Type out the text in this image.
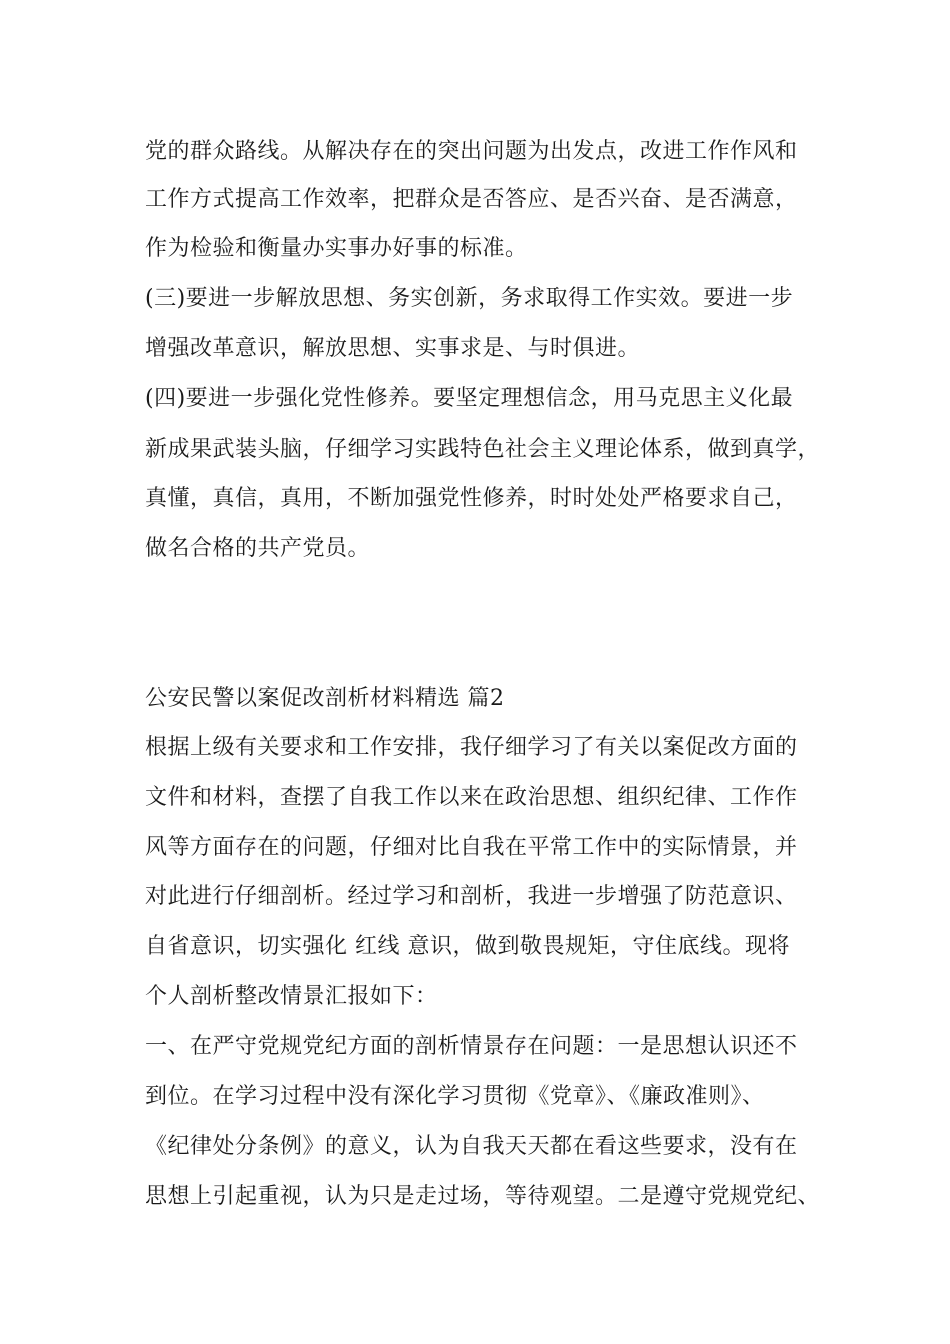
党的群众路线。从解决存在的突出问题为出发点，改进工作作风和
工作方式提高工作效率，把群众是否答应、是否兴奋、是否满意，
作为检验和衡量办实事办好事的标准。
(三)要进一步解放思想、务实创新，务求取得工作实效。要进一步
增强改革意识，解放思想、实事求是、与时俱进。
(四)要进一步强化党性修养。要坚定理想信念，用马克思主义化最
新成果武装头脑，仔细学习实践特色社会主义理论体系，做到真学，
真懂，真信，真用，不断加强党性修养，时时处处严格要求自己，
做名合格的共产党员。
公安民警以案促改剖析材料精选 篇2
根据上级有关要求和工作安排，我仔细学习了有关以案促改方面的
文件和材料，查摆了自我工作以来在政治思想、组织纪律、工作作
风等方面存在的问题，仔细对比自我在平常工作中的实际情景，并
对此进行仔细剖析。经过学习和剖析，我进一步增强了防范意识、
自省意识，切实强化 红线 意识，做到敬畏规矩，守住底线。现将
个人剖析整改情景汇报如下：
一、在严守党规党纪方面的剖析情景存在问题：一是思想认识还不
到位。在学习过程中没有深化学习贯彻《党章》、《廉政准则》、
《纪律处分条例》的意义，认为自我天天都在看这些要求，没有在
思想上引起重视，认为只是走过场，等待观望。二是遵守党规党纪、
